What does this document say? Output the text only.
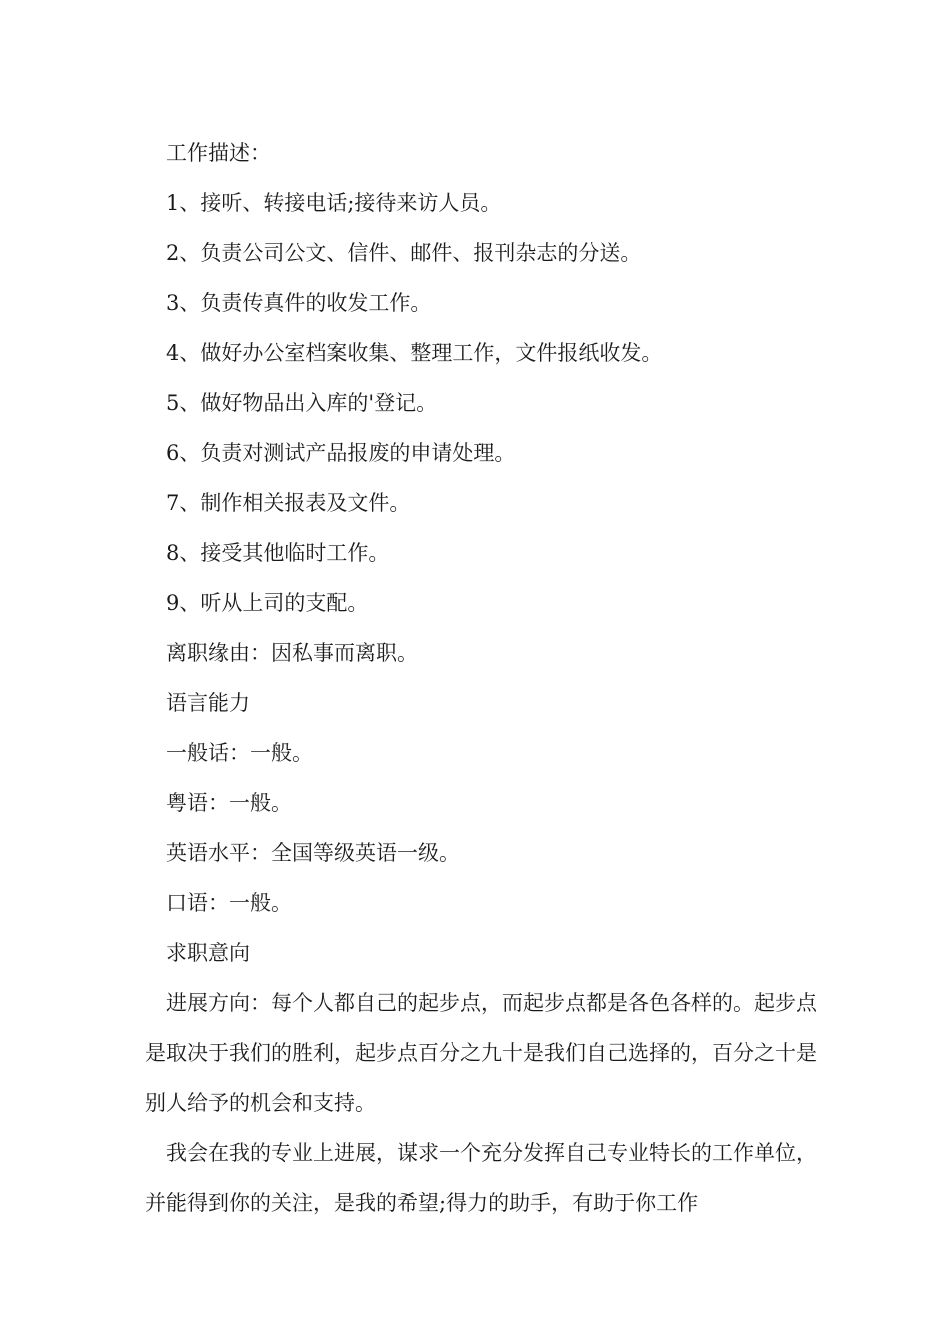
工作描述：

1、接听、转接电话;接待来访人员。

2、负责公司公文、信件、邮件、报刊杂志的分送。

3、负责传真件的收发工作。

4、做好办公室档案收集、整理工作，文件报纸收发。

5、做好物品出入库的'登记。

6、负责对测试产品报废的申请处理。

7、制作相关报表及文件。

8、接受其他临时工作。

9、听从上司的支配。

离职缘由：因私事而离职。

语言能力

一般话：一般。

粤语：一般。

英语水平：全国等级英语一级。

口语：一般。

求职意向

进展方向：每个人都自己的起步点，而起步点都是各色各样的。起步点是取决于我们的胜利，起步点百分之九十是我们自己选择的，百分之十是别人给予的机会和支持。

我会在我的专业上进展，谋求一个充分发挥自己专业特长的工作单位，并能得到你的关注，是我的希望;得力的助手，有助于你工作
